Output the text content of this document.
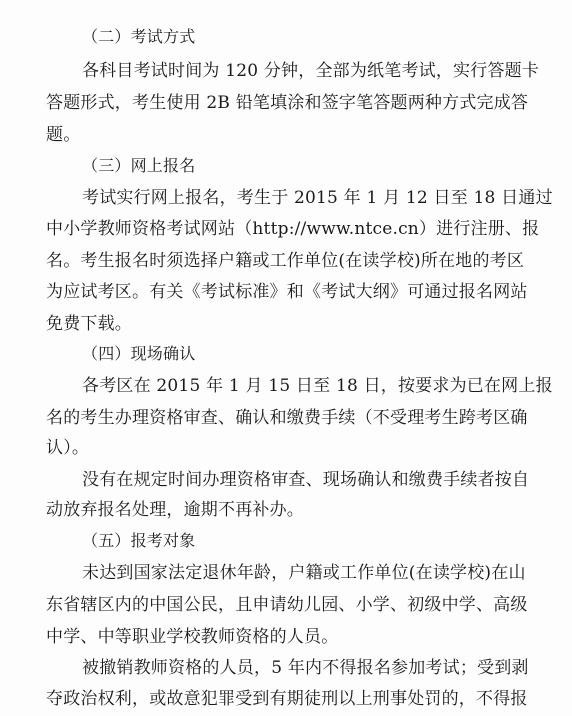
（二）考试方式
各科目考试时间为 120 分钟，全部为纸笔考试，实行答题卡
答题形式，考生使用 2B 铅笔填涂和签字笔答题两种方式完成答
题。
（三）网上报名
考试实行网上报名，考生于 2015 年 1 月 12 日至 18 日通过
中小学教师资格考试网站（http://www.ntce.cn）进行注册、报
名。考生报名时须选择户籍或工作单位(在读学校)所在地的考区
为应试考区。有关《考试标准》和《考试大纲》可通过报名网站
免费下载。
（四）现场确认
各考区在 2015 年 1 月 15 日至 18 日，按要求为已在网上报
名的考生办理资格审查、确认和缴费手续（不受理考生跨考区确
认）。
没有在规定时间办理资格审查、现场确认和缴费手续者按自
动放弃报名处理，逾期不再补办。
（五）报考对象
未达到国家法定退休年龄，户籍或工作单位(在读学校)在山
东省辖区内的中国公民，且申请幼儿园、小学、初级中学、高级
中学、中等职业学校教师资格的人员。
被撤销教师资格的人员，5 年内不得报名参加考试；受到剥
夺政治权利，或故意犯罪受到有期徒刑以上刑事处罚的，不得报
